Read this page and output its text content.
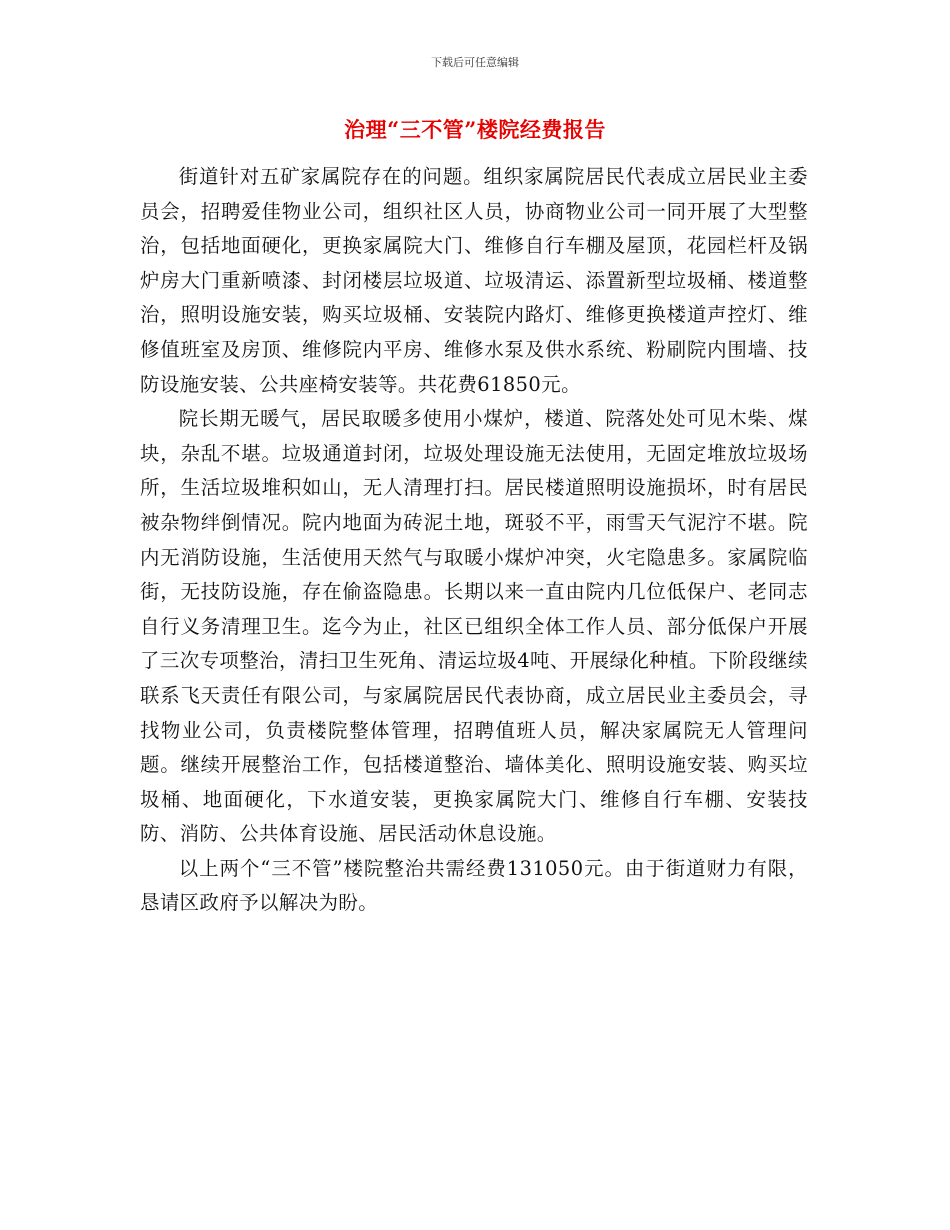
下载后可任意编辑
治理“三不管”楼院经费报告

街道针对五矿家属院存在的问题。组织家属院居民代表成立居民业主委员会，招聘爱佳物业公司，组织社区人员，协商物业公司一同开展了大型整治，包括地面硬化，更换家属院大门、维修自行车棚及屋顶，花园栏杆及锅炉房大门重新喷漆、封闭楼层垃圾道、垃圾清运、添置新型垃圾桶、楼道整治，照明设施安装，购买垃圾桶、安装院内路灯、维修更换楼道声控灯、维修值班室及房顶、维修院内平房、维修水泵及供水系统、粉刷院内围墙、技防设施安装、公共座椅安装等。共花费61850元。

院长期无暖气，居民取暖多使用小煤炉，楼道、院落处处可见木柴、煤块，杂乱不堪。垃圾通道封闭，垃圾处理设施无法使用，无固定堆放垃圾场所，生活垃圾堆积如山，无人清理打扫。居民楼道照明设施损坏，时有居民被杂物绊倒情况。院内地面为砖泥土地，斑驳不平，雨雪天气泥泞不堪。院内无消防设施，生活使用天然气与取暖小煤炉冲突，火宅隐患多。家属院临街，无技防设施，存在偷盗隐患。长期以来一直由院内几位低保户、老同志自行义务清理卫生。迄今为止，社区已组织全体工作人员、部分低保户开展了三次专项整治，清扫卫生死角、清运垃圾4吨、开展绿化种植。下阶段继续联系飞天责任有限公司，与家属院居民代表协商，成立居民业主委员会，寻找物业公司，负责楼院整体管理，招聘值班人员，解决家属院无人管理问题。继续开展整治工作，包括楼道整治、墙体美化、照明设施安装、购买垃圾桶、地面硬化，下水道安装，更换家属院大门、维修自行车棚、安装技防、消防、公共体育设施、居民活动休息设施。

以上两个“三不管”楼院整治共需经费131050元。由于街道财力有限，恳请区政府予以解决为盼。
